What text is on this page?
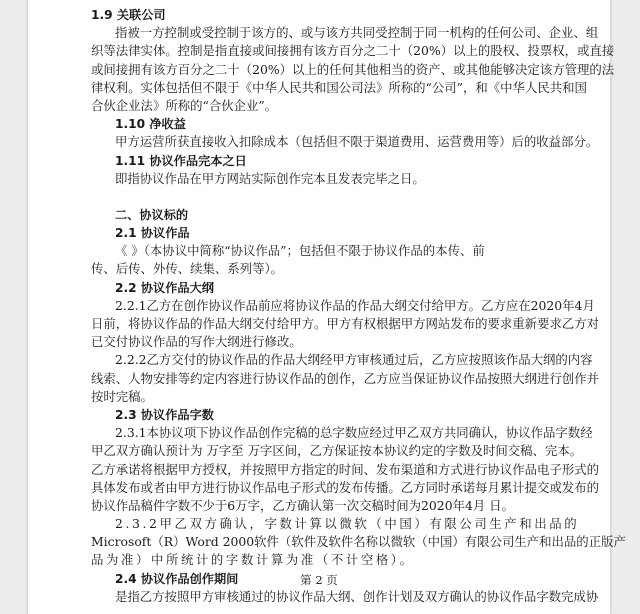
1.9 关联公司
指被一方控制或受控制于该方的、或与该方共同受控制于同一机构的任何公司、企业、组
织等法律实体。控制是指直接或间接拥有该方百分之二十（20%）以上的股权、投票权，或直接
或间接拥有该方百分之二十（20%）以上的任何其他相当的资产、或其他能够决定该方管理的法
律权利。实体包括但不限于《中华人民共和国公司法》所称的“公司”，和《中华人民共和国
合伙企业法》所称的“合伙企业”。
1.10 净收益
甲方运营所获直接收入扣除成本（包括但不限于渠道费用、运营费用等）后的收益部分。
1.11 协议作品完本之日
即指协议作品在甲方网站实际创作完本且发表完毕之日。
二、协议标的
2.1 协议作品
《 》（本协议中简称“协议作品”；包括但不限于协议作品的本传、前
传、后传、外传、续集、系列等）。
2.2 协议作品大纲
2.2.1乙方在创作协议作品前应将协议作品的作品大纲交付给甲方。乙方应在2020年4月
日前，将协议作品的作品大纲交付给甲方。甲方有权根据甲方网站发布的要求重新要求乙方对
已交付协议作品的写作大纲进行修改。
2.2.2乙方交付的协议作品的作品大纲经甲方审核通过后，乙方应按照该作品大纲的内容
线索、人物安排等约定内容进行协议作品的创作，乙方应当保证协议作品按照大纲进行创作并
按时完稿。
2.3 协议作品字数
2.3.1本协议项下协议作品创作完稿的总字数应经过甲乙双方共同确认，协议作品字数经
甲乙双方确认预计为 万字至 万字区间，乙方保证按本协议约定的字数及时间交稿、完本。
乙方承诺将根据甲方授权，并按照甲方指定的时间、发布渠道和方式进行协议作品电子形式的
具体发布或者由甲方进行协议作品电子形式的发布传播。乙方同时承诺每月累计提交或发布的
协议作品稿件字数不少于6万字，乙方确认第一次交稿时间为2020年4月 日。
2.3.2甲乙双方确认，字数计算以微软（中国）有限公司生产和出品的
Microsoft（R）Word 2000软件（软件及软件名称以微软（中国）有限公司生产和出品的正版产
品为准）中所统计的字数计算为准（不计空格）。
2.4 协议作品创作期间
是指乙方按照甲方审核通过的协议作品大纲、创作计划及双方确认的协议作品字数完成协
第 2 页
